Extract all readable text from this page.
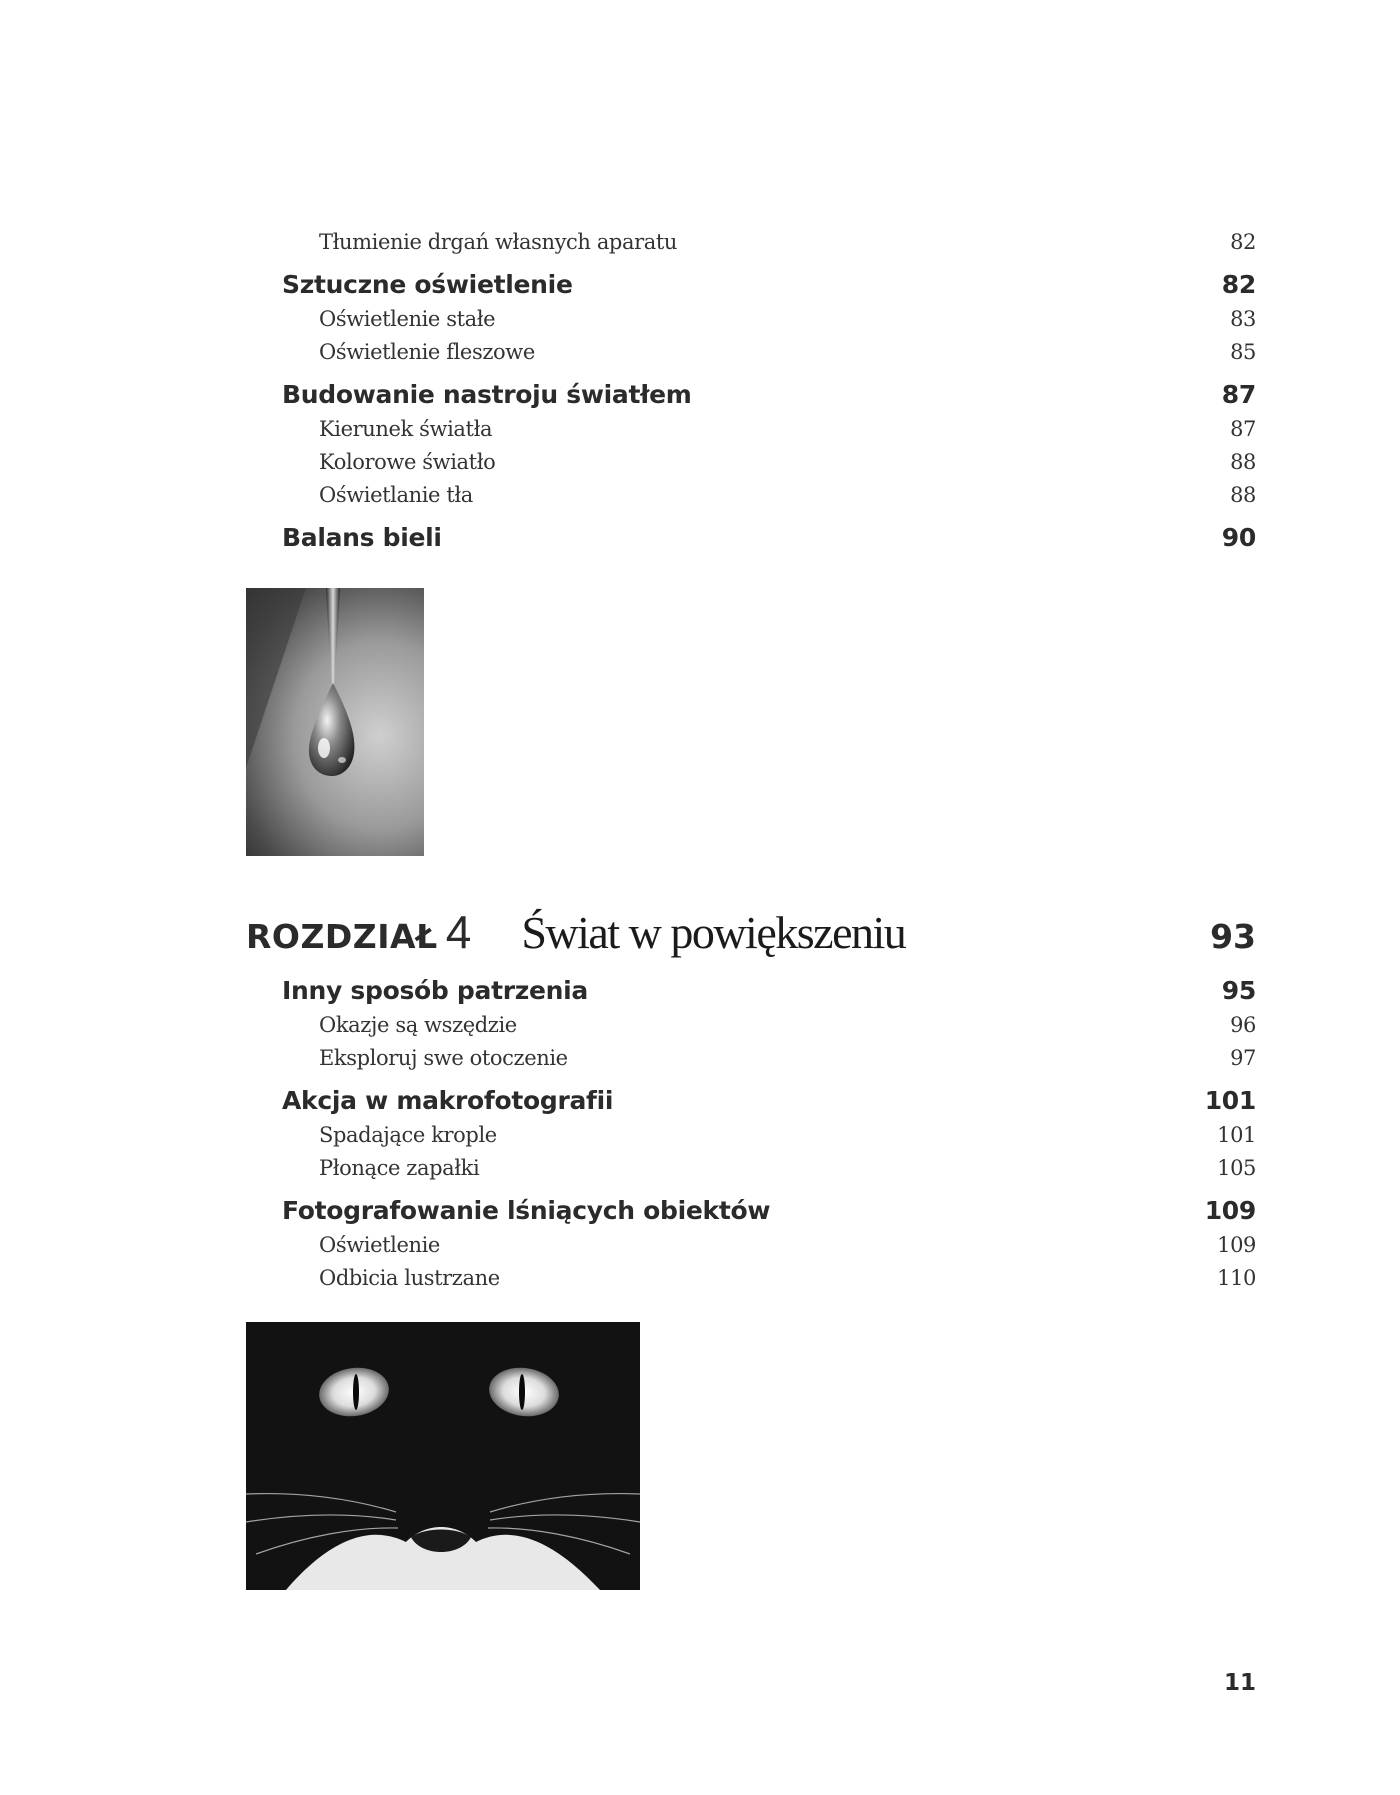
Tłumienie drgań własnych aparatu	82
Sztuczne oświetlenie	82
Oświetlenie stałe	83
Oświetlenie fleszowe	85
Budowanie nastroju światłem	87
Kierunek światła	87
Kolorowe światło	88
Oświetlanie tła	88
Balans bieli	90
ROZDZIAŁ 4 Świat w powiększeniu	93
Inny sposób patrzenia	95
Okazje są wszędzie	96
Eksploruj swe otoczenie	97
Akcja w makrofotografii	101
Spadające krople	101
Płonące zapałki	105
Fotografowanie lśniących obiektów	109
Oświetlenie	109
Odbicia lustrzane	110
11
